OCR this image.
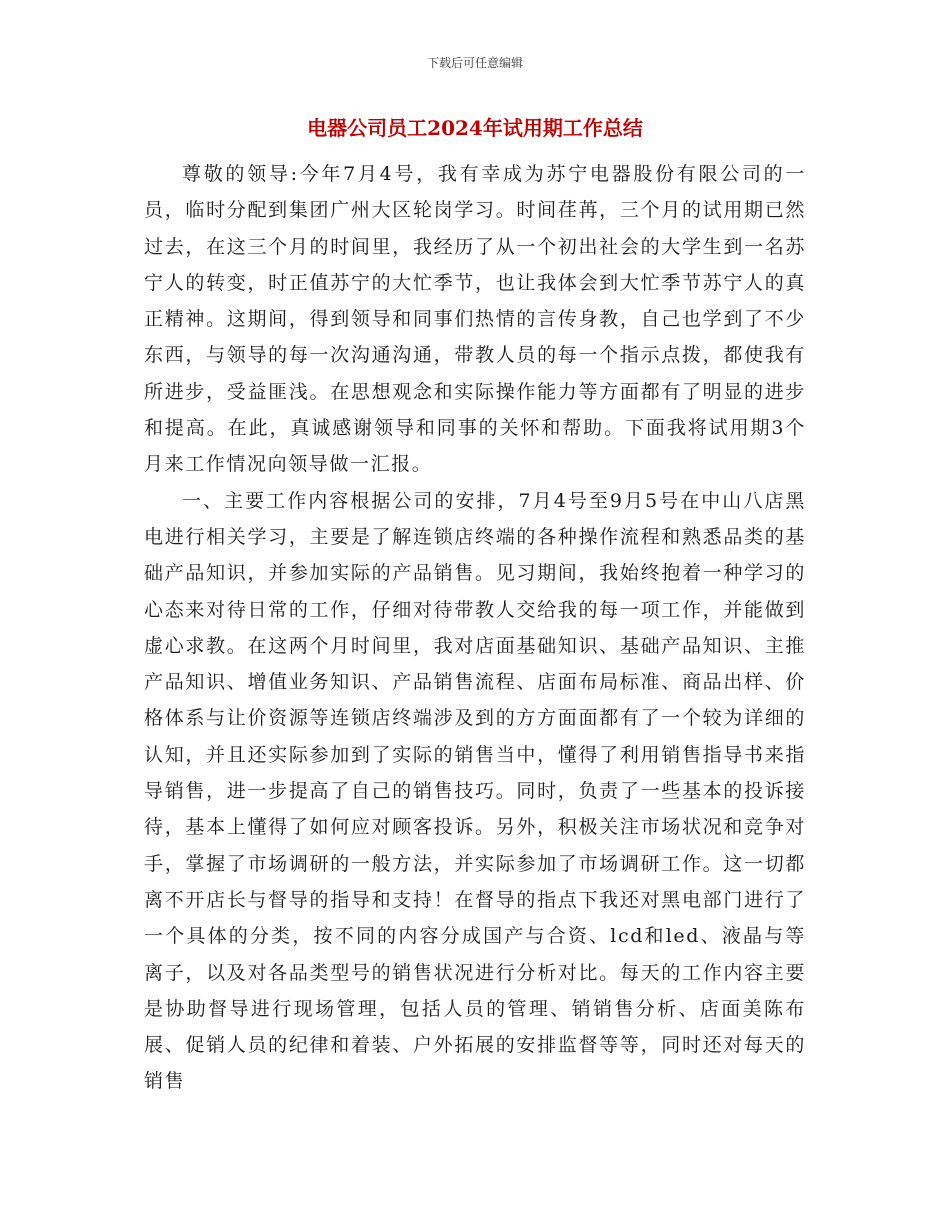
下载后可任意编辑
电器公司员工2024年试用期工作总结

尊敬的领导:今年7月4号，我有幸成为苏宁电器股份有限公司的一员，临时分配到集团广州大区轮岗学习。时间荏苒，三个月的试用期已然过去，在这三个月的时间里，我经历了从一个初出社会的大学生到一名苏宁人的转变，时正值苏宁的大忙季节，也让我体会到大忙季节苏宁人的真正精神。这期间，得到领导和同事们热情的言传身教，自己也学到了不少东西，与领导的每一次沟通沟通，带教人员的每一个指示点拨，都使我有所进步，受益匪浅。在思想观念和实际操作能力等方面都有了明显的进步和提高。在此，真诚感谢领导和同事的关怀和帮助。下面我将试用期3个月来工作情况向领导做一汇报。

一、主要工作内容根据公司的安排，7月4号至9月5号在中山八店黑电进行相关学习，主要是了解连锁店终端的各种操作流程和熟悉品类的基础产品知识，并参加实际的产品销售。见习期间，我始终抱着一种学习的心态来对待日常的工作，仔细对待带教人交给我的每一项工作，并能做到虚心求教。在这两个月时间里，我对店面基础知识、基础产品知识、主推产品知识、增值业务知识、产品销售流程、店面布局标准、商品出样、价格体系与让价资源等连锁店终端涉及到的方方面面都有了一个较为详细的认知，并且还实际参加到了实际的销售当中，懂得了利用销售指导书来指导销售，进一步提高了自己的销售技巧。同时，负责了一些基本的投诉接待，基本上懂得了如何应对顾客投诉。另外，积极关注市场状况和竞争对手，掌握了市场调研的一般方法，并实际参加了市场调研工作。这一切都离不开店长与督导的指导和支持！在督导的指点下我还对黑电部门进行了一个具体的分类，按不同的内容分成国产与合资、lcd和led、液晶与等离子，以及对各品类型号的销售状况进行分析对比。每天的工作内容主要是协助督导进行现场管理，包括人员的管理、销销售分析、店面美陈布展、促销人员的纪律和着装、户外拓展的安排监督等等，同时还对每天的销售
